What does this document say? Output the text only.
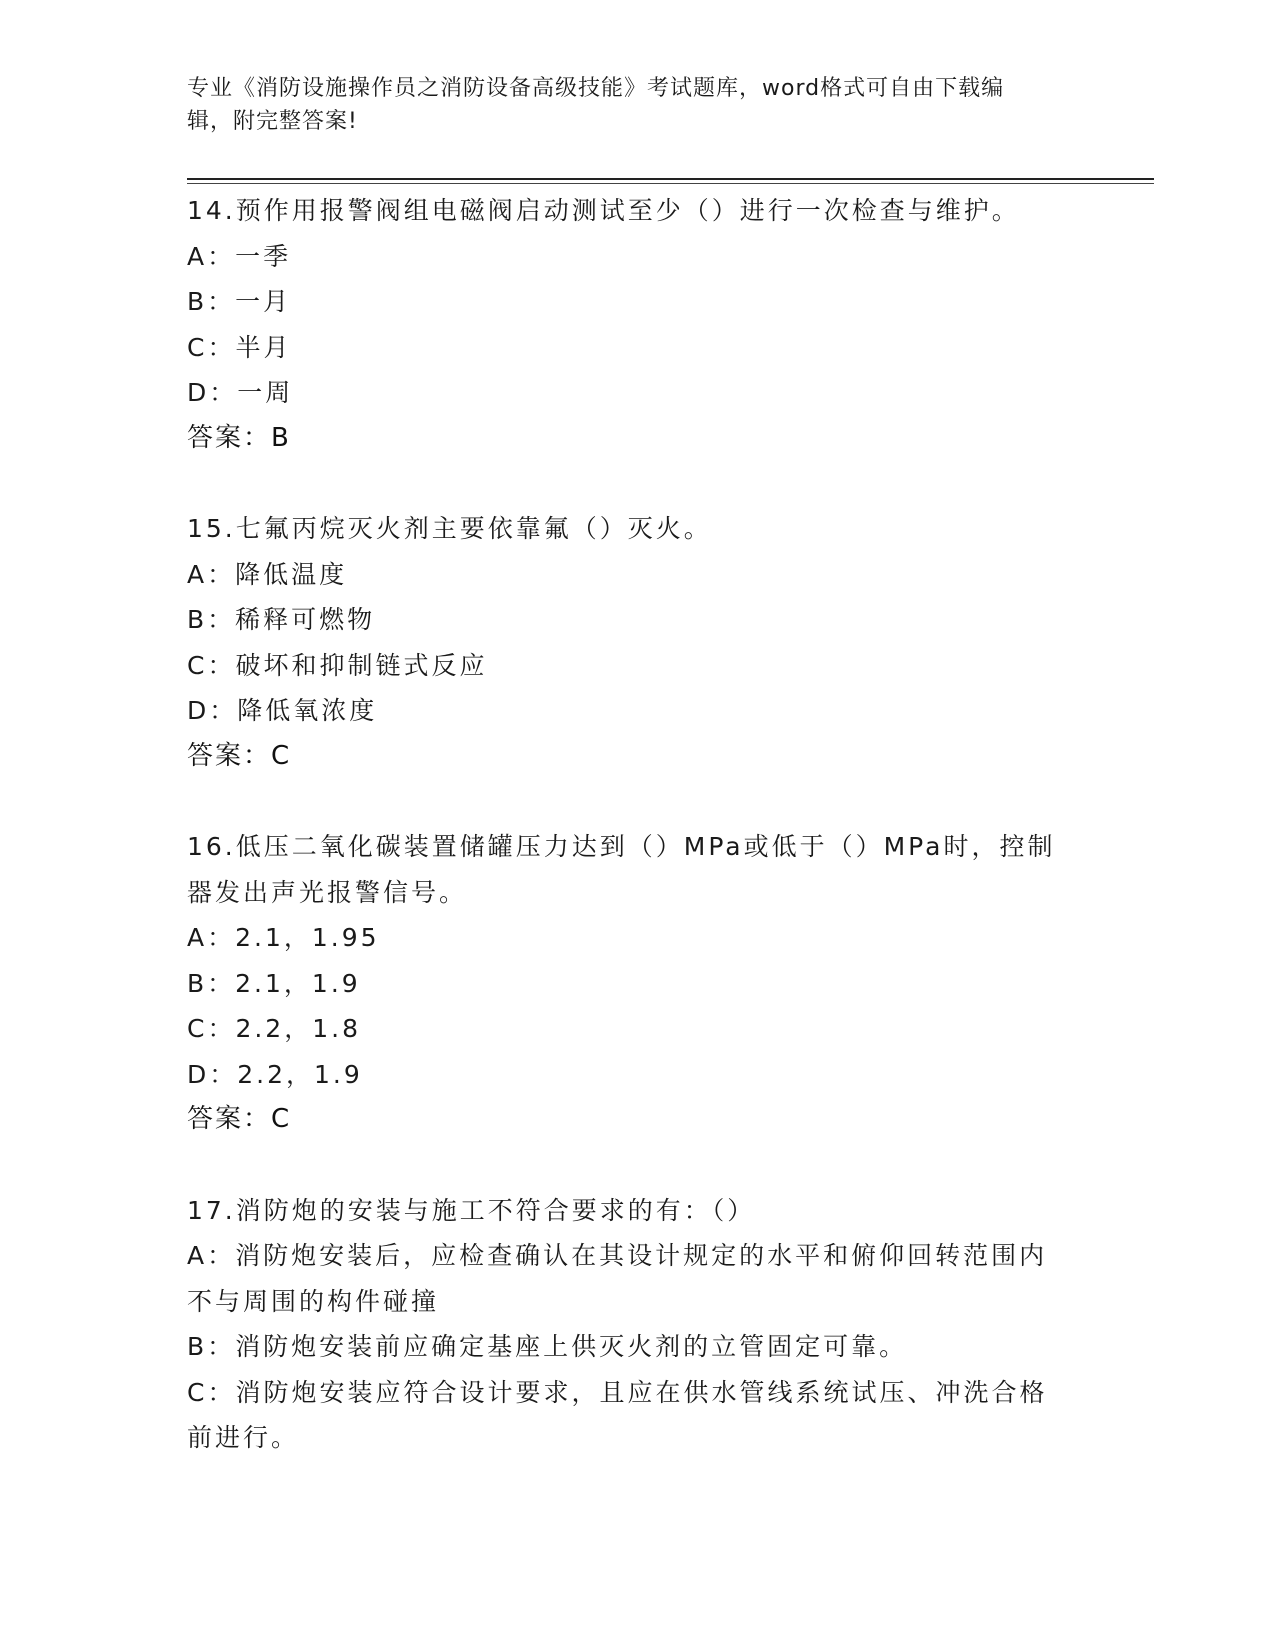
专业《消防设施操作员之消防设备高级技能》考试题库，word格式可自由下载编
辑，附完整答案!
14.预作用报警阀组电磁阀启动测试至少（）进行一次检查与维护。
A：一季
B：一月
C：半月
D：一周
答案：B
15.七氟丙烷灭火剂主要依靠氟（）灭火。
A：降低温度
B：稀释可燃物
C：破坏和抑制链式反应
D：降低氧浓度
答案：C
16.低压二氧化碳装置储罐压力达到（）MPa或低于（）MPa时，控制
器发出声光报警信号。
A：2.1，1.95
B：2.1，1.9
C：2.2，1.8
D：2.2，1.9
答案：C
17.消防炮的安装与施工不符合要求的有：（）
A：消防炮安装后，应检查确认在其设计规定的水平和俯仰回转范围内
不与周围的构件碰撞
B：消防炮安装前应确定基座上供灭火剂的立管固定可靠。
C：消防炮安装应符合设计要求，且应在供水管线系统试压、冲洗合格
前进行。
